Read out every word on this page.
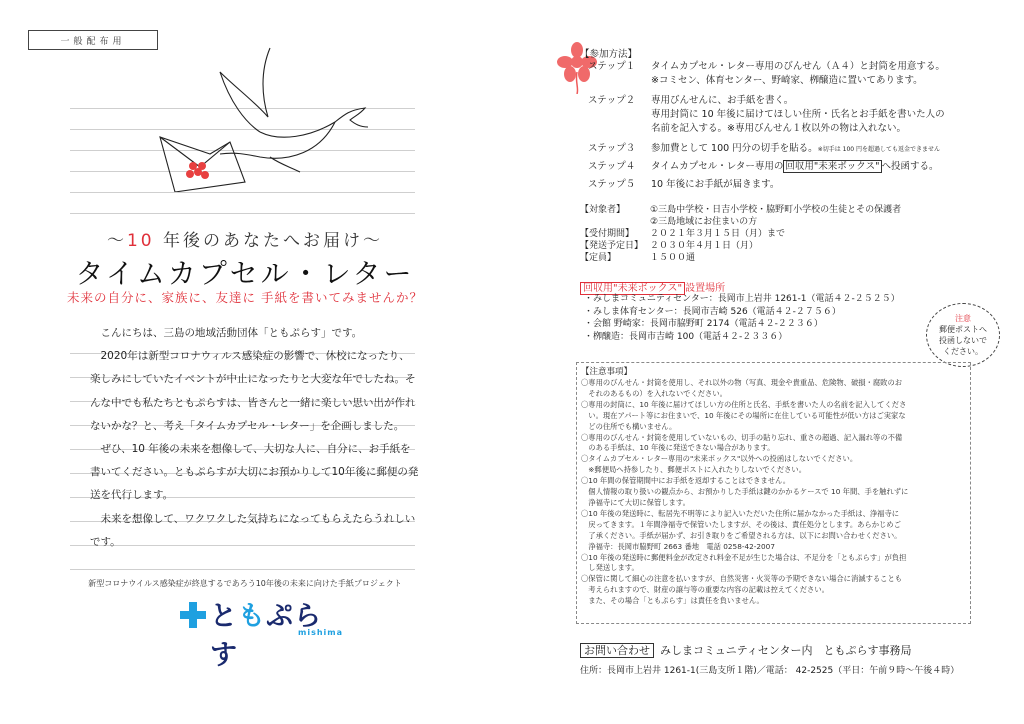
一般配布用
〜10 年後のあなたへお届け〜
タイムカプセル・レター
未来の自分に、家族に、友達に 手紙を書いてみませんか？

こんにちは、三島の地域活動団体「ともぷらす」です。

2020年は新型コロナウィルス感染症の影響で、休校になったり、楽しみにしていたイベントが中止になったりと大変な年でしたね。そんな中でも私たちともぷらすは、皆さんと一緒に楽しい思い出が作れないかな？と、考え「タイムカプセル・レター」を企画しました。

ぜひ、10 年後の未来を想像して、大切な人に、自分に、お手紙を書いてください。ともぷらすが大切にお預かりして10年後に郵便の発送を代行します。

未来を想像して、ワクワクした気持ちになってもらえたらうれしいです。

新型コロナウイルス感染症が終息するであろう10年後の未来に向けた手紙プロジェクト
ともぷらす
mishima
【参加方法】
ステップ１	タイムカプセル・レター専用のびんせん（Ａ４）と封筒を用意する。
※コミセン、体育センター、野崎家、栁醸造に置いてあります。
ステップ２	専用びんせんに、お手紙を書く。
専用封筒に 10 年後に届けてほしい住所・氏名とお手紙を書いた人の
名前を記入する。※専用びんせん１枚以外の物は入れない。
ステップ３	参加費として 100 円分の切手を貼る。※切手は 100 円を超過しても返金できません
ステップ４	タイムカプセル・レター専用の 回収用"未来ボックス" へ投函する。
ステップ５	10 年後にお手紙が届きます。
【対象者】	①三島中学校・日吉小学校・脇野町小学校の生徒とその保護者
②三島地域にお住まいの方
【受付期間】	２０２１年３月１５日（月）まで
【発送予定日】 ２０３０年４月１日（月）
【定員】	１５００通
回収用"未来ボックス" 設置場所
・みしまコミュニティセンター：長岡市上岩井 1261-1（電話４２-２５２５）
・みしま体育センター：長岡市吉崎 526（電話４２-２７５６）
・会館 野崎家：長岡市脇野町 2174（電話４２-２２３６）
・栁醸造：長岡市吉崎 100（電話４２-２３３６）
注意
郵便ポストへ
投函しないで
ください。
【注意事項】
〇専用のびんせん・封筒を使用し、それ以外の物（写真、現金や貴重品、危険物、破損・腐敗のお
　それのあるもの）を入れないでください。
〇専用の封筒に、10 年後に届けてほしい方の住所と氏名、手紙を書いた人の名前を記入してくださ
　い。現在アパート等にお住まいで、10 年後にその場所に在住している可能性が低い方はご実家な
　どの住所でも構いません。
〇専用のびんせん・封筒を使用していないもの、切手の貼り忘れ、重さの超過、記入漏れ等の不備
　のある手紙は、10 年後に発送できない場合があります。
〇タイムカプセル・レター専用の"未来ボックス"以外への投函はしないでください。
　※郵便局へ持参したり、郵便ポストに入れたりしないでください。
〇10 年間の保管期間中にお手紙を返却することはできません。
　個人情報の取り扱いの観点から、お預かりした手紙は鍵のかかるケースで 10 年間、手を触れずに
　浄福寺にて大切に保管します。
〇10 年後の発送時に、転居先不明等により記入いただいた住所に届かなかった手紙は、浄福寺に
　戻ってきます。１年間浄福寺で保管いたしますが、その後は、責任処分とします。あらかじめご
　了承ください。手紙が届かず、お引き取りをご希望される方は、以下にお問い合わせください。
　浄福寺：長岡市脇野町 2663 番地　電話 0258-42-2007
〇10 年後の発送時に郵便料金が改定され料金不足が生じた場合は、不足分を「ともぷらす」が負担
　し発送します。
〇保管に関して細心の注意を払いますが、自然災害・火災等の予期できない場合に消滅することも
　考えられますので、財産の譲与等の重要な内容の記載は控えてください。
　また、その場合「ともぷらす」は責任を負いません。
お問い合わせ みしまコミュニティセンター内　ともぷらす事務局
住所：長岡市上岩井 1261-1(三島支所１階)／電話： 42-2525（平日：午前９時〜午後４時）
